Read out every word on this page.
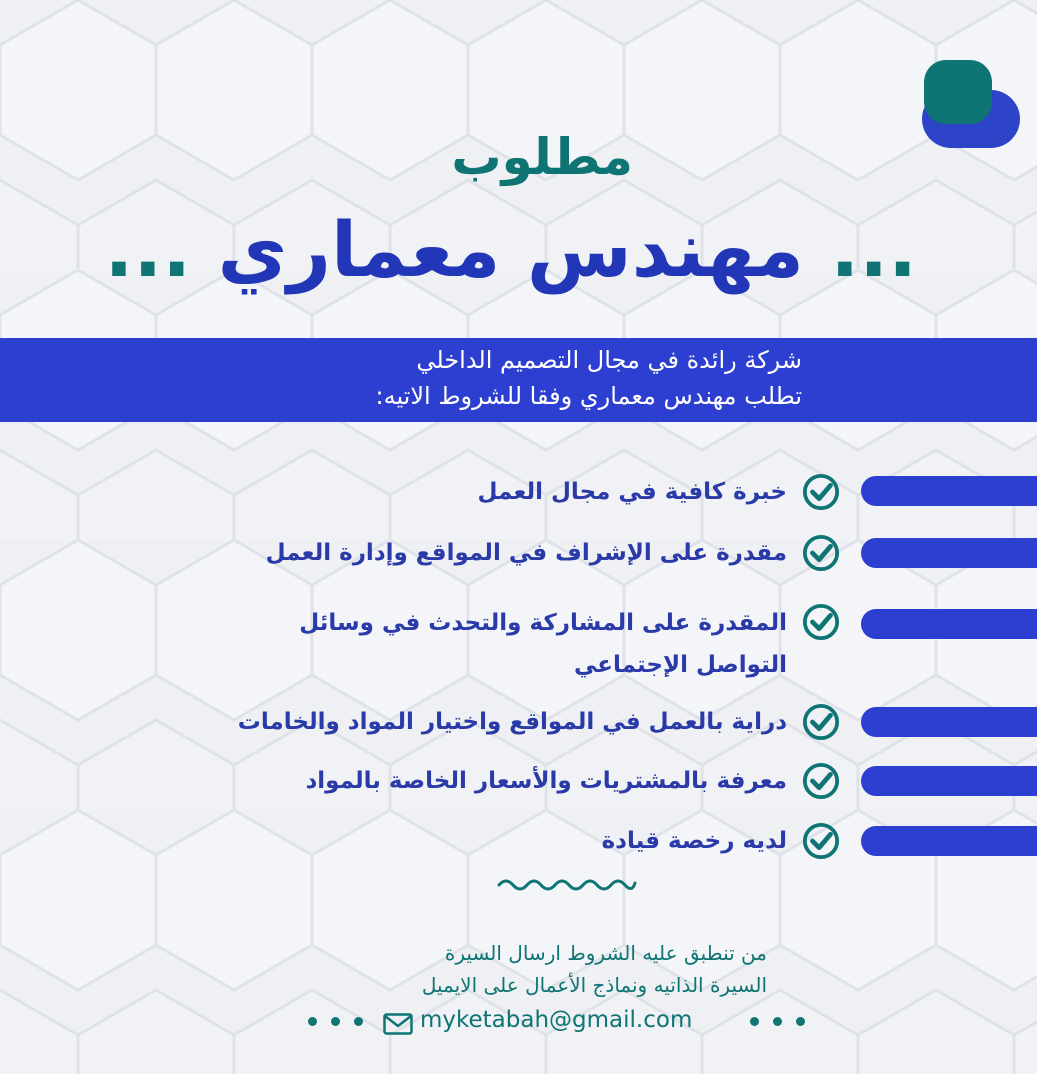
مطلوب
... مهندس معماري ...
شركة رائدة في مجال التصميم الداخلي
تطلب مهندس معماري وفقا للشروط الاتيه:
خبرة كافية في مجال العمل
مقدرة على الإشراف في المواقع وإدارة العمل
المقدرة على المشاركة والتحدث في وسائل
التواصل الإجتماعي
دراية بالعمل في المواقع واختيار المواد والخامات
معرفة بالمشتريات والأسعار الخاصة بالمواد
لديه رخصة قيادة
من تنطبق عليه الشروط ارسال السيرة
السيرة الذاتيه ونماذج الأعمال على الايميل
myketabah@gmail.com
